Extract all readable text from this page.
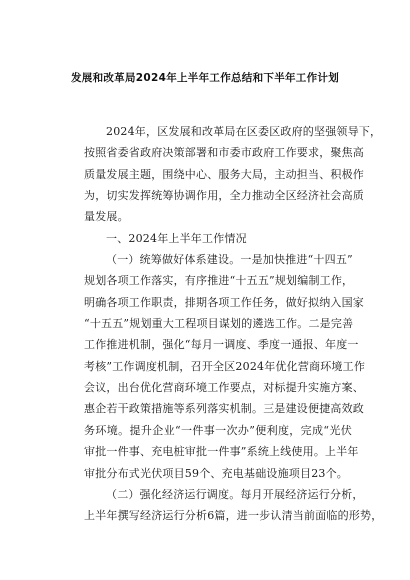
发展和改革局2024年上半年工作总结和下半年工作计划
2024年，区发展和改革局在区委区政府的坚强领导下，
按照省委省政府决策部署和市委市政府工作要求，聚焦高
质量发展主题，围绕中心、服务大局，主动担当、积极作
为，切实发挥统筹协调作用，全力推动全区经济社会高质
量发展。
一、2024年上半年工作情况
（一）统筹做好体系建设。一是加快推进“十四五”
规划各项工作落实，有序推进“十五五”规划编制工作，
明确各项工作职责，排期各项工作任务，做好拟纳入国家
“十五五”规划重大工程项目谋划的遴选工作。二是完善
工作推进机制，强化“每月一调度、季度一通报、年度一
考核”工作调度机制，召开全区2024年优化营商环境工作
会议，出台优化营商环境工作要点，对标提升实施方案、
惠企若干政策措施等系列落实机制。三是建设便捷高效政
务环境。提升企业“一件事一次办”便利度，完成“光伏
审批一件事、充电桩审批一件事”系统上线使用。上半年
审批分布式光伏项目59个、充电基础设施项目23个。
（二）强化经济运行调度。每月开展经济运行分析，
上半年撰写经济运行分析6篇，进一步认清当前面临的形势，
